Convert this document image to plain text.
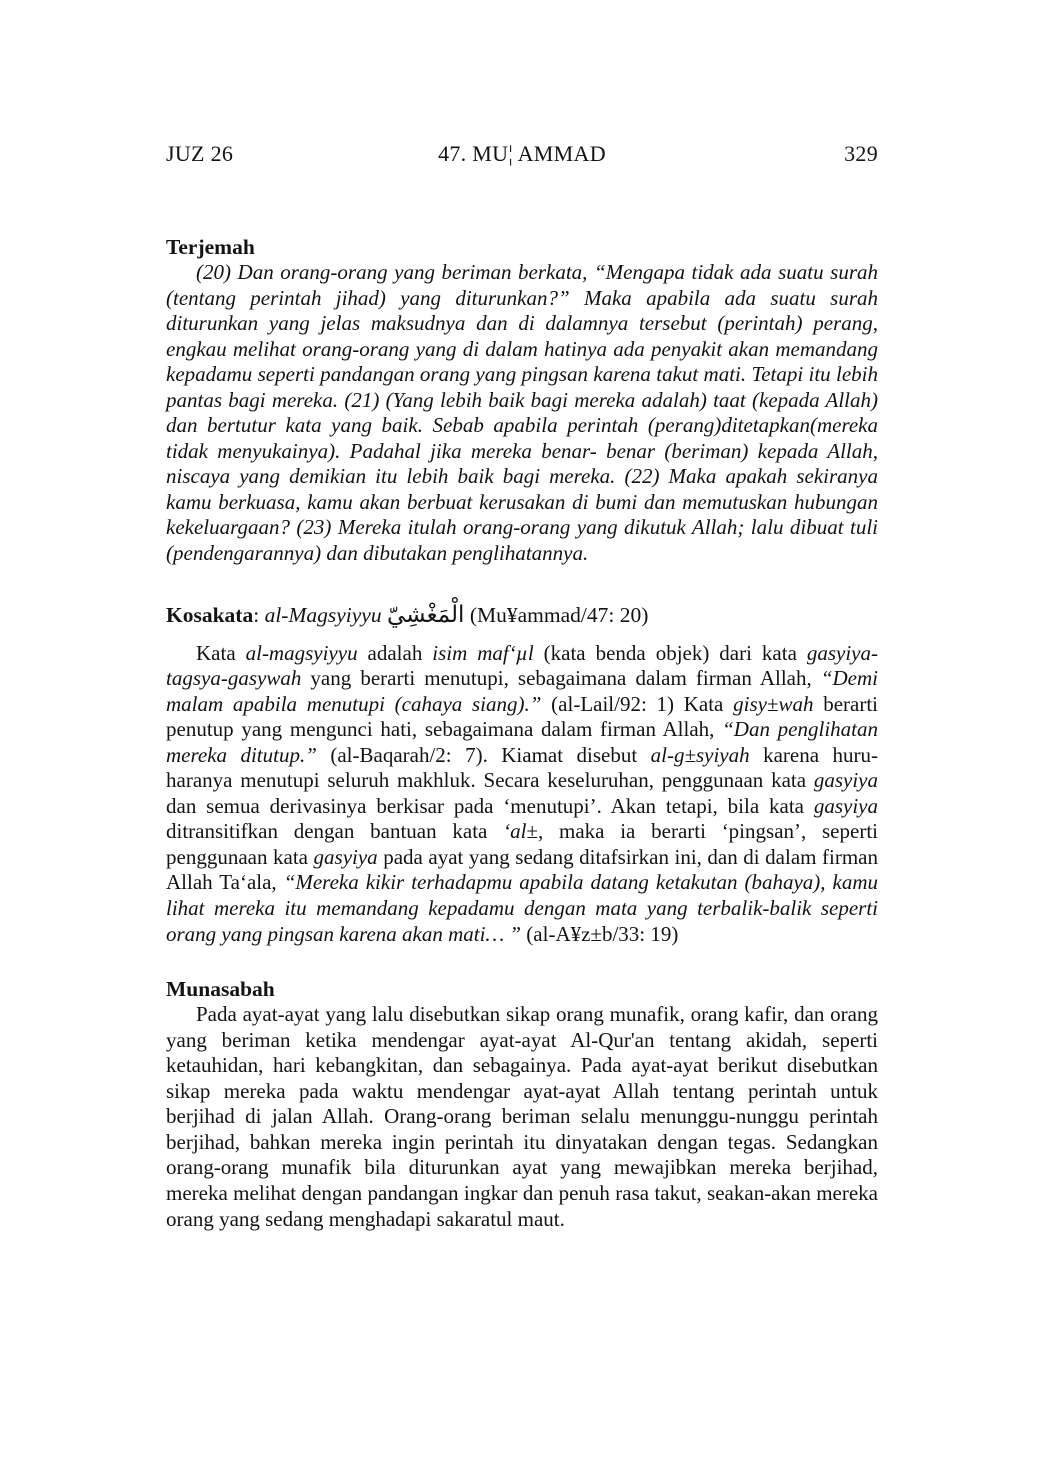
JUZ 26	47. MU¦ AMMAD	329
Terjemah

(20) Dan orang-orang yang beriman berkata, “Mengapa tidak ada suatu surah (tentang perintah jihad) yang diturunkan?” Maka apabila ada suatu surah diturunkan yang jelas maksudnya dan di dalamnya tersebut (perintah) perang, engkau melihat orang-orang yang di dalam hatinya ada penyakit akan memandang kepadamu seperti pandangan orang yang pingsan karena takut mati. Tetapi itu lebih pantas bagi mereka. (21) (Yang lebih baik bagi mereka adalah) taat (kepada Allah) dan bertutur kata yang baik. Sebab apabila perintah (perang)ditetapkan(mereka tidak menyukainya). Padahal jika mereka benar- benar (beriman) kepada Allah, niscaya yang demikian itu lebih baik bagi mereka. (22) Maka apakah sekiranya kamu berkuasa, kamu akan berbuat kerusakan di bumi dan memutuskan hubungan kekeluargaan? (23) Mereka itulah orang-orang yang dikutuk Allah; lalu dibuat tuli (pendengarannya) dan dibutakan penglihatannya.

Kosakata: al-Magsyiyyu الْمَغْشِيّ (Mu¥ammad/47: 20)

Kata al-magsyiyyu adalah isim maf‘µl (kata benda objek) dari kata gasyiya-tagsya-gasywah yang berarti menutupi, sebagaimana dalam firman Allah, “Demi malam apabila menutupi (cahaya siang).” (al-Lail/92: 1) Kata gisy±wah berarti penutup yang mengunci hati, sebagaimana dalam firman Allah, “Dan penglihatan mereka ditutup.” (al-Baqarah/2: 7). Kiamat disebut al-g±syiyah karena huru-haranya menutupi seluruh makhluk. Secara keseluruhan, penggunaan kata gasyiya dan semua derivasinya berkisar pada ‘menutupi’. Akan tetapi, bila kata gasyiya ditransitifkan dengan bantuan kata ‘al±, maka ia berarti ‘pingsan’, seperti penggunaan kata gasyiya pada ayat yang sedang ditafsirkan ini, dan di dalam firman Allah Ta‘ala, “Mereka kikir terhadapmu apabila datang ketakutan (bahaya), kamu lihat mereka itu memandang kepadamu dengan mata yang terbalik-balik seperti orang yang pingsan karena akan mati… ” (al-A¥z±b/33: 19)

Munasabah

Pada ayat-ayat yang lalu disebutkan sikap orang munafik, orang kafir, dan orang yang beriman ketika mendengar ayat-ayat Al-Qur'an tentang akidah, seperti ketauhidan, hari kebangkitan, dan sebagainya. Pada ayat-ayat berikut disebutkan sikap mereka pada waktu mendengar ayat-ayat Allah tentang perintah untuk berjihad di jalan Allah. Orang-orang beriman selalu menunggu-nunggu perintah berjihad, bahkan mereka ingin perintah itu dinyatakan dengan tegas. Sedangkan orang-orang munafik bila diturunkan ayat yang mewajibkan mereka berjihad, mereka melihat dengan pandangan ingkar dan penuh rasa takut, seakan-akan mereka orang yang sedang menghadapi sakaratul maut.
